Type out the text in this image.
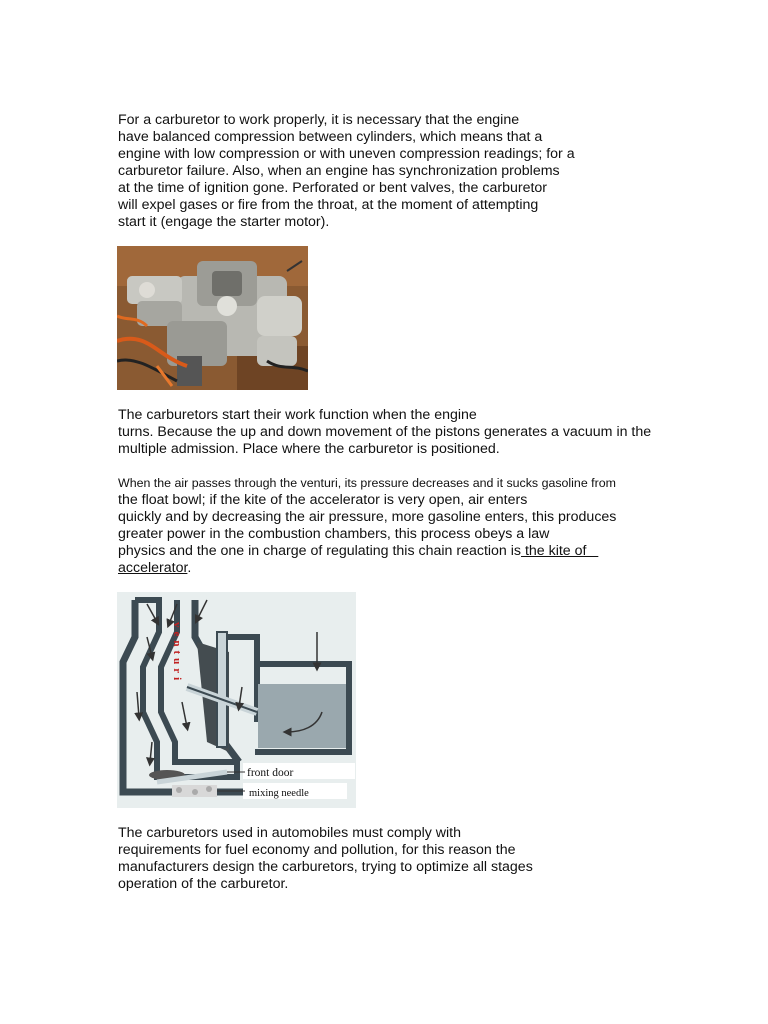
For a carburetor to work properly, it is necessary that the engine
have balanced compression between cylinders, which means that a
engine with low compression or with uneven compression readings; for a
carburetor failure. Also, when an engine has synchronization problems
at the time of ignition gone. Perforated or bent valves, the carburetor
will expel gases or fire from the throat, at the moment of attempting
start it (engage the starter motor).
The carburetors start their work function when the engine
turns. Because the up and down movement of the pistons generates a vacuum in the
multiple admission. Place where the carburetor is positioned.
When the air passes through the venturi, its pressure decreases and it sucks gasoline from
the float bowl; if the kite of the accelerator is very open, air enters
quickly and by decreasing the air pressure, more gasoline enters, this produces
greater power in the combustion chambers, this process obeys a law
physics and the one in charge of regulating this chain reaction is the kite of
accelerator.
venturi
front door
mixing needle
The carburetors used in automobiles must comply with
requirements for fuel economy and pollution, for this reason the
manufacturers design the carburetors, trying to optimize all stages
operation of the carburetor.
